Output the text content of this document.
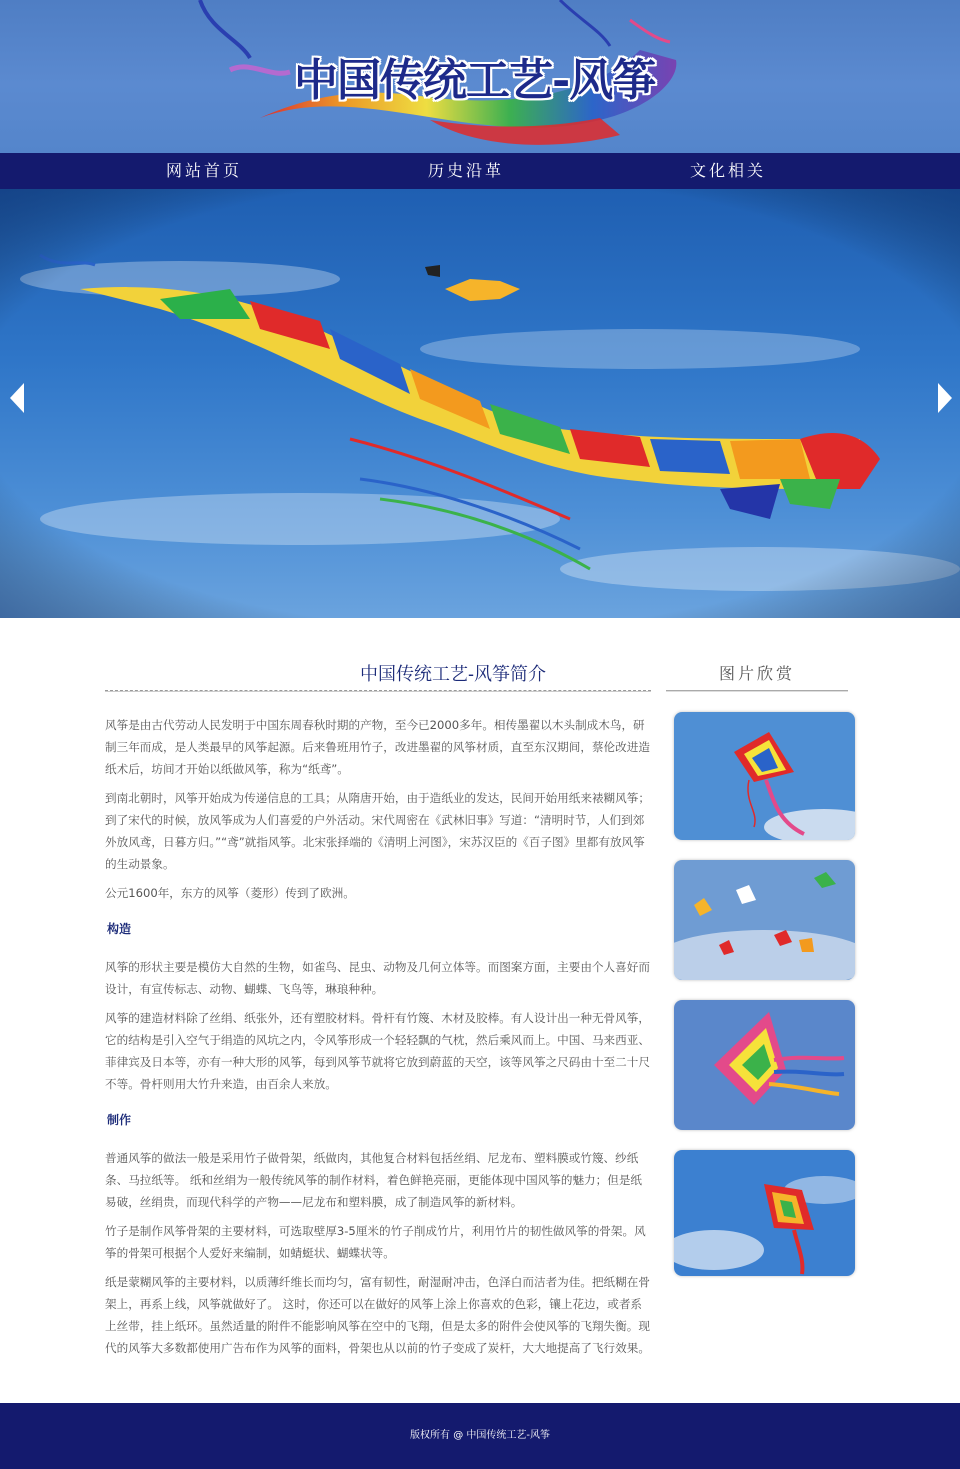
中国传统工艺-风筝
网站首页	历史沿革	文化相关
中国传统工艺-风筝简介

风筝是由古代劳动人民发明于中国东周春秋时期的产物，至今已2000多年。相传墨翟以木头制成木鸟，研制三年而成，是人类最早的风筝起源。后来鲁班用竹子，改进墨翟的风筝材质，直至东汉期间，蔡伦改进造纸术后，坊间才开始以纸做风筝，称为“纸鸢”。

到南北朝时，风筝开始成为传递信息的工具；从隋唐开始，由于造纸业的发达，民间开始用纸来裱糊风筝；到了宋代的时候，放风筝成为人们喜爱的户外活动。宋代周密在《武林旧事》写道：“清明时节，人们到郊外放风鸢，日暮方归。”“鸢”就指风筝。北宋张择端的《清明上河图》，宋苏汉臣的《百子图》里都有放风筝的生动景象。

公元1600年，东方的风筝（菱形）传到了欧洲。

构造

风筝的形状主要是模仿大自然的生物，如雀鸟、昆虫、动物及几何立体等。而图案方面，主要由个人喜好而设计，有宣传标志、动物、蝴蝶、飞鸟等，琳琅种种。

风筝的建造材料除了丝绢、纸张外，还有塑胶材料。骨杆有竹篾、木材及胶棒。有人设计出一种无骨风筝，它的结构是引入空气于绢造的风坑之内，令风筝形成一个轻轻飘的气枕，然后乘风而上。中国、马来西亚、菲律宾及日本等，亦有一种大形的风筝，每到风筝节就将它放到蔚蓝的天空，该等风筝之尺码由十至二十尺不等。骨杆则用大竹升来造，由百余人来放。

制作

普通风筝的做法一般是采用竹子做骨架，纸做肉，其他复合材料包括丝绢、尼龙布、塑料膜或竹篾、纱纸条、马拉纸等。 纸和丝绢为一般传统风筝的制作材料，着色鲜艳亮丽，更能体现中国风筝的魅力；但是纸易破，丝绢贵，而现代科学的产物——尼龙布和塑料膜，成了制造风筝的新材料。

竹子是制作风筝骨架的主要材料，可选取壁厚3-5厘米的竹子削成竹片，利用竹片的韧性做风筝的骨架。风筝的骨架可根据个人爱好来编制，如蜻蜓状、蝴蝶状等。

纸是蒙糊风筝的主要材料，以质薄纤维长而均匀，富有韧性，耐湿耐冲击，色泽白而洁者为佳。把纸糊在骨架上，再系上线，风筝就做好了。 这时，你还可以在做好的风筝上涂上你喜欢的色彩，镶上花边，或者系上丝带，挂上纸环。虽然适量的附件不能影响风筝在空中的飞翔，但是太多的附件会使风筝的飞翔失衡。现代的风筝大多数都使用广告布作为风筝的面料，骨架也从以前的竹子变成了炭杆，大大地提高了飞行效果。

图片欣赏
版权所有 @ 中国传统工艺-风筝
